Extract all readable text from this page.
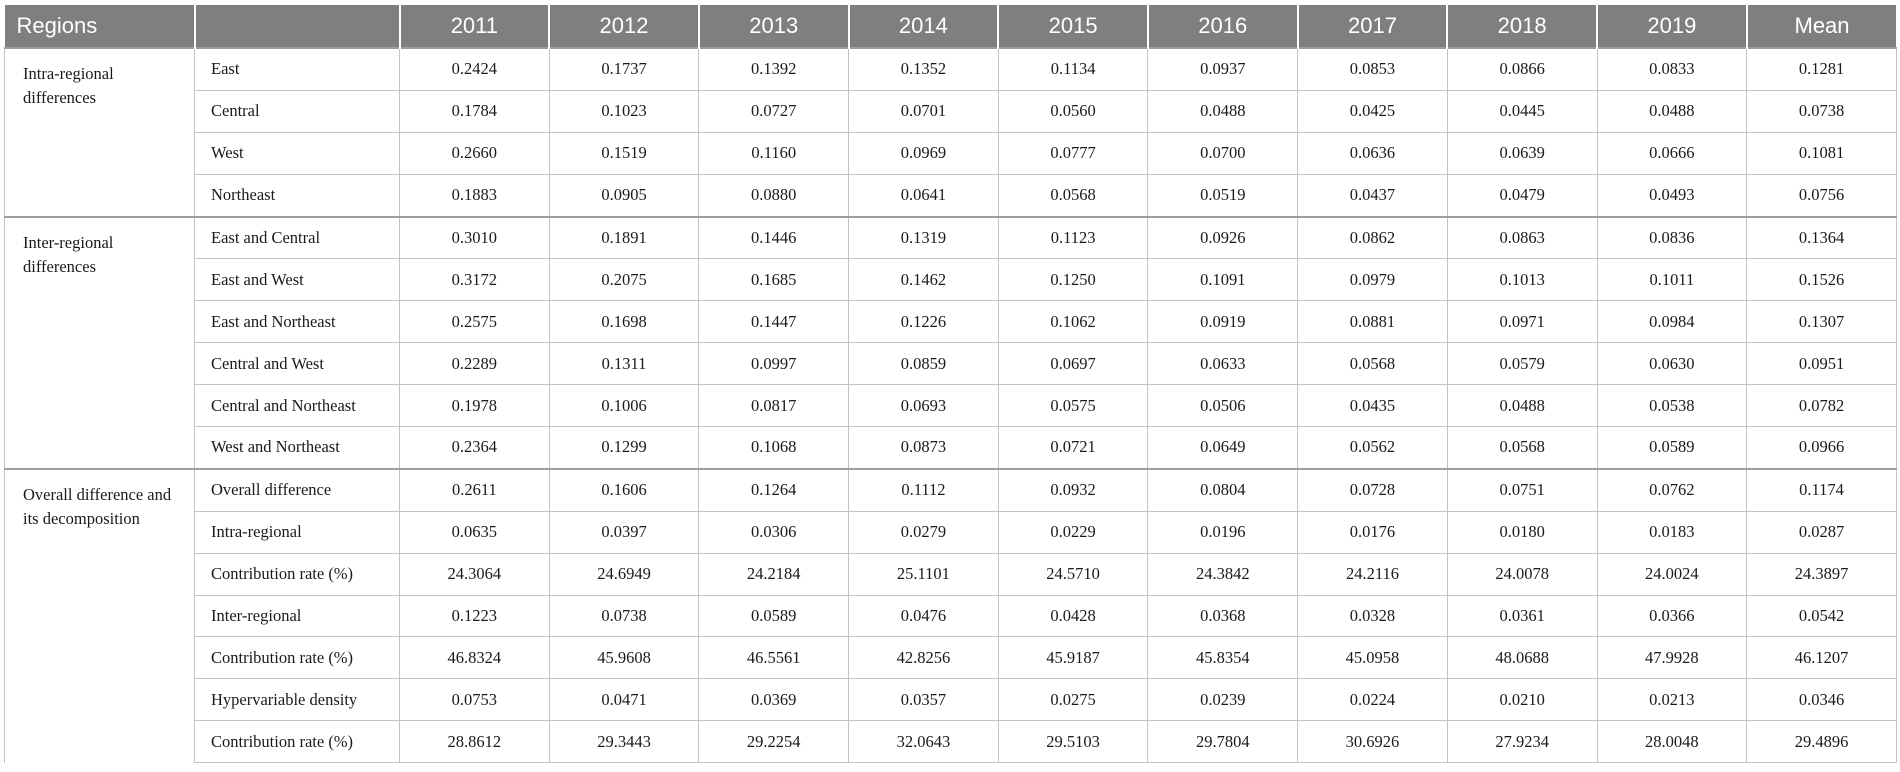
Regions		2011	2012	2013	2014	2015	2016	2017	2018	2019	Mean
Intra-regional differences	East	0.2424	0.1737	0.1392	0.1352	0.1134	0.0937	0.0853	0.0866	0.0833	0.1281
	Central	0.1784	0.1023	0.0727	0.0701	0.0560	0.0488	0.0425	0.0445	0.0488	0.0738
	West	0.2660	0.1519	0.1160	0.0969	0.0777	0.0700	0.0636	0.0639	0.0666	0.1081
	Northeast	0.1883	0.0905	0.0880	0.0641	0.0568	0.0519	0.0437	0.0479	0.0493	0.0756
Inter-regional differences	East and Central	0.3010	0.1891	0.1446	0.1319	0.1123	0.0926	0.0862	0.0863	0.0836	0.1364
	East and West	0.3172	0.2075	0.1685	0.1462	0.1250	0.1091	0.0979	0.1013	0.1011	0.1526
	East and Northeast	0.2575	0.1698	0.1447	0.1226	0.1062	0.0919	0.0881	0.0971	0.0984	0.1307
	Central and West	0.2289	0.1311	0.0997	0.0859	0.0697	0.0633	0.0568	0.0579	0.0630	0.0951
	Central and Northeast	0.1978	0.1006	0.0817	0.0693	0.0575	0.0506	0.0435	0.0488	0.0538	0.0782
	West and Northeast	0.2364	0.1299	0.1068	0.0873	0.0721	0.0649	0.0562	0.0568	0.0589	0.0966
Overall difference and its decomposition	Overall difference	0.2611	0.1606	0.1264	0.1112	0.0932	0.0804	0.0728	0.0751	0.0762	0.1174
	Intra-regional	0.0635	0.0397	0.0306	0.0279	0.0229	0.0196	0.0176	0.0180	0.0183	0.0287
	Contribution rate (%)	24.3064	24.6949	24.2184	25.1101	24.5710	24.3842	24.2116	24.0078	24.0024	24.3897
	Inter-regional	0.1223	0.0738	0.0589	0.0476	0.0428	0.0368	0.0328	0.0361	0.0366	0.0542
	Contribution rate (%)	46.8324	45.9608	46.5561	42.8256	45.9187	45.8354	45.0958	48.0688	47.9928	46.1207
	Hypervariable density	0.0753	0.0471	0.0369	0.0357	0.0275	0.0239	0.0224	0.0210	0.0213	0.0346
	Contribution rate (%)	28.8612	29.3443	29.2254	32.0643	29.5103	29.7804	30.6926	27.9234	28.0048	29.4896
